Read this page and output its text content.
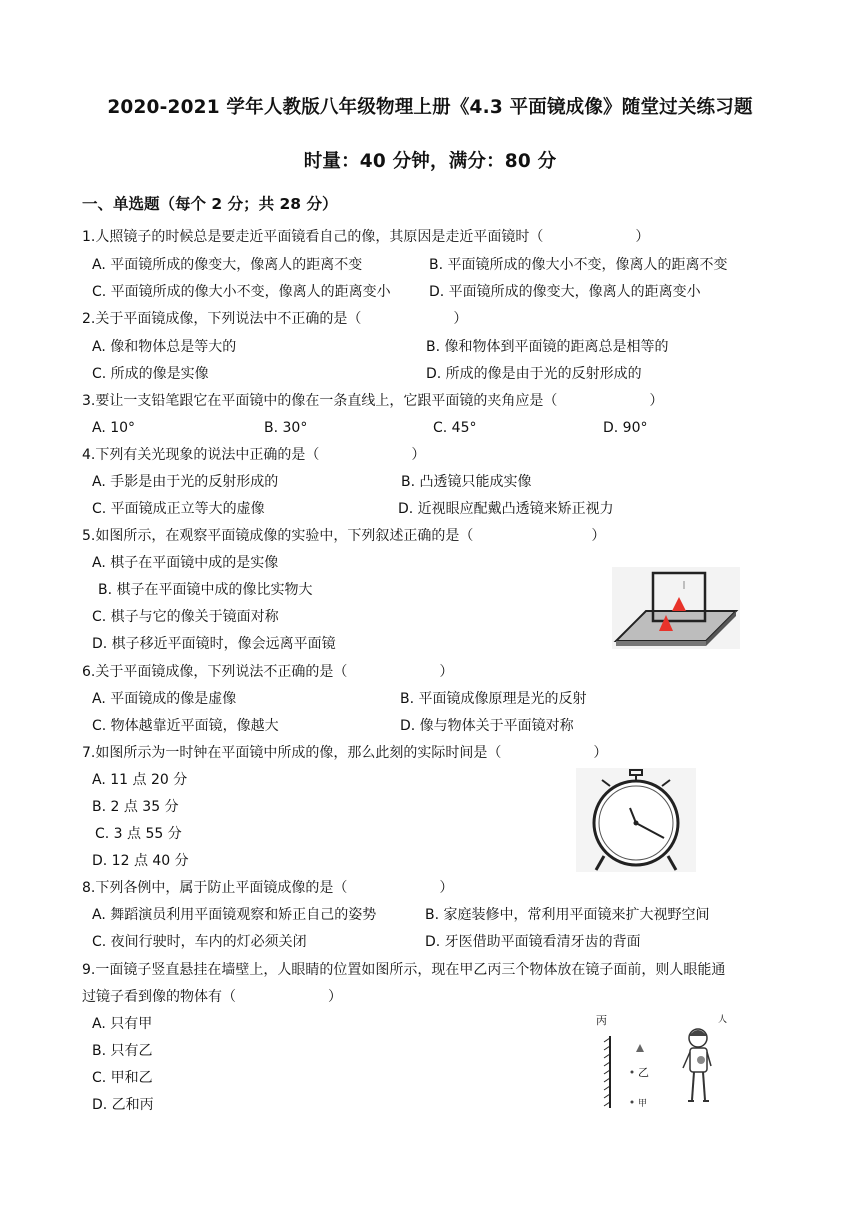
2020-2021 学年人教版八年级物理上册《4.3 平面镜成像》随堂过关练习题
时量：40 分钟，满分：80 分
一、单选题（每个 2 分；共 28 分）
1.人照镜子的时候总是要走近平面镜看自己的像，其原因是走近平面镜时（	）
A. 平面镜所成的像变大，像离人的距离不变	B. 平面镜所成的像大小不变，像离人的距离不变
C. 平面镜所成的像大小不变，像离人的距离变小	D. 平面镜所成的像变大，像离人的距离变小
2.关于平面镜成像，下列说法中不正确的是（	）
A. 像和物体总是等大的	B. 像和物体到平面镜的距离总是相等的
C. 所成的像是实像	D. 所成的像是由于光的反射形成的
3.要让一支铅笔跟它在平面镜中的像在一条直线上，它跟平面镜的夹角应是（	）
A. 10°	B. 30°	C. 45°	D. 90°
4.下列有关光现象的说法中正确的是（	）
A. 手影是由于光的反射形成的	B. 凸透镜只能成实像
C. 平面镜成正立等大的虚像	D. 近视眼应配戴凸透镜来矫正视力
5.如图所示，在观察平面镜成像的实验中，下列叙述正确的是（	）
A. 棋子在平面镜中成的是实像
B. 棋子在平面镜中成的像比实物大
C. 棋子与它的像关于镜面对称
D. 棋子移近平面镜时，像会远离平面镜
6.关于平面镜成像，下列说法不正确的是（	）
A. 平面镜成的像是虚像	B. 平面镜成像原理是光的反射
C. 物体越靠近平面镜，像越大	D. 像与物体关于平面镜对称
7.如图所示为一时钟在平面镜中所成的像，那么此刻的实际时间是（	）
A. 11 点 20 分
B. 2 点 35 分
C. 3 点 55 分
D. 12 点 40 分
8.下列各例中，属于防止平面镜成像的是（	）
A. 舞蹈演员利用平面镜观察和矫正自己的姿势	B. 家庭装修中，常利用平面镜来扩大视野空间
C. 夜间行驶时，车内的灯必须关闭	D. 牙医借助平面镜看清牙齿的背面
9.一面镜子竖直悬挂在墙壁上，人眼睛的位置如图所示，现在甲乙丙三个物体放在镜子面前，则人眼能通
过镜子看到像的物体有（	）
A. 只有甲
B. 只有乙
C. 甲和乙
D. 乙和丙
丙
乙
甲
人
